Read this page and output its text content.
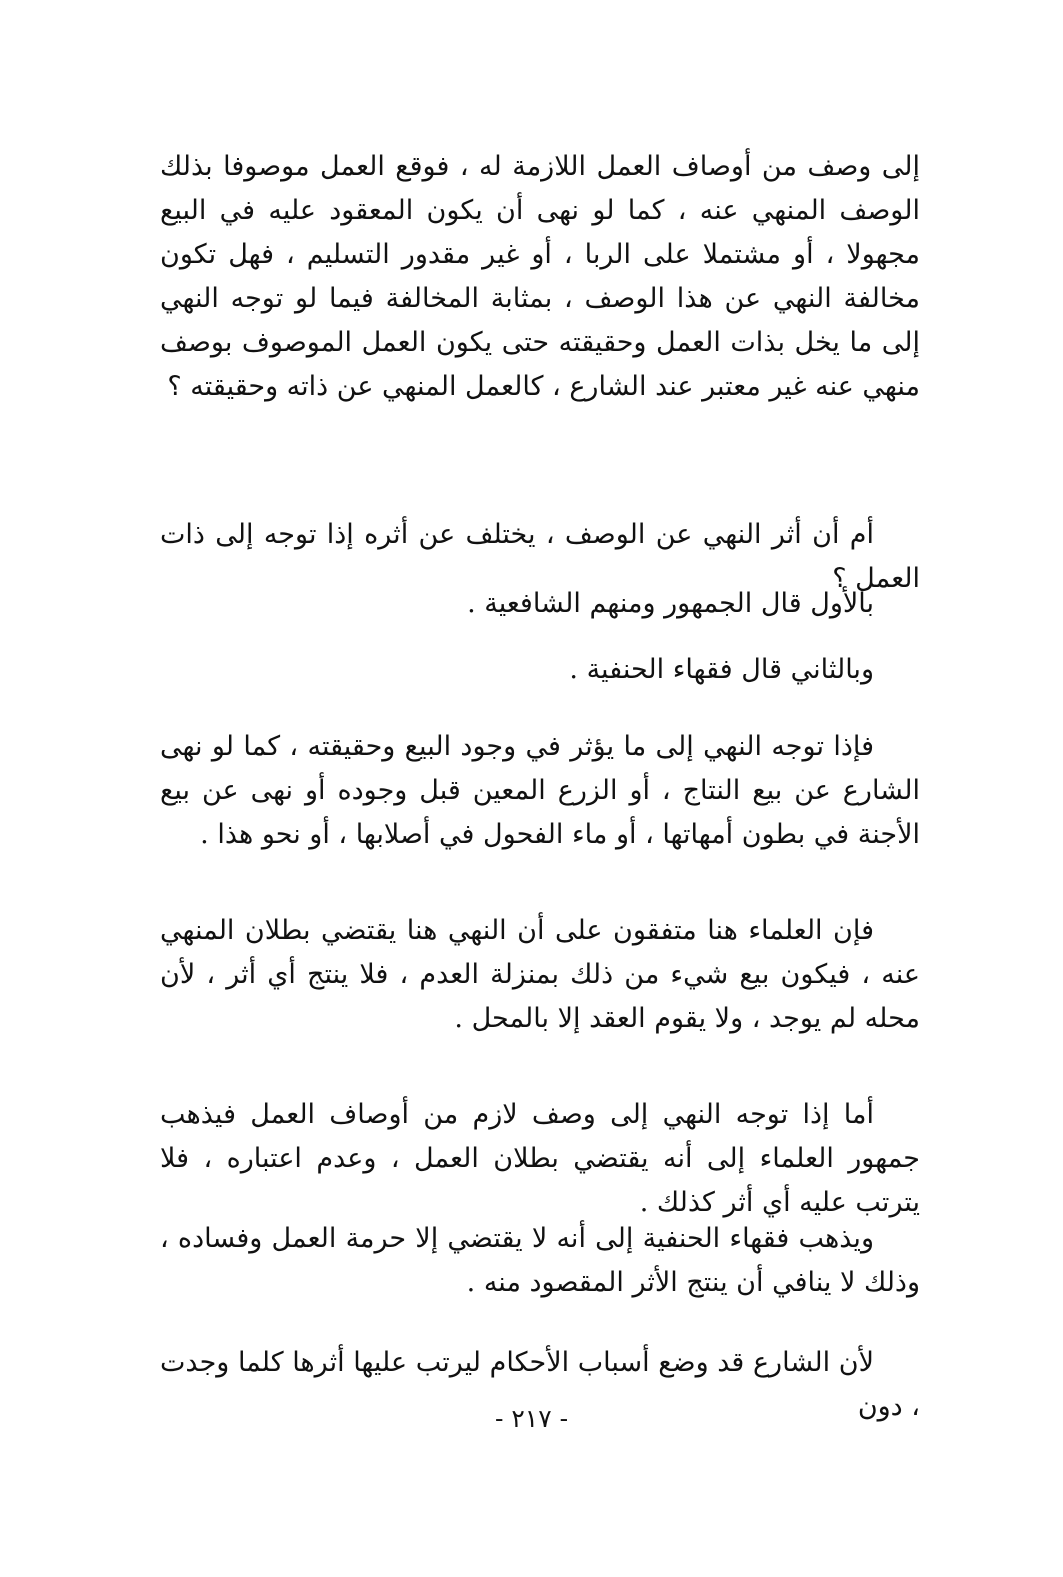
إلى وصف من أوصاف العمل اللازمة له ، فوقع العمل موصوفا بذلك الوصف المنهي عنه ، كما لو نهى أن يكون المعقود عليه في البيع مجهولا ، أو مشتملا على الربا ، أو غير مقدور التسليم ، فهل تكون مخالفة النهي عن هذا الوصف ، بمثابة المخالفة فيما لو توجه النهي إلى ما يخل بذات العمل وحقيقته حتى يكون العمل الموصوف بوصف منهي عنه غير معتبر عند الشارع ، كالعمل المنهي عن ذاته وحقيقته ؟

أم أن أثر النهي عن الوصف ، يختلف عن أثره إذا توجه إلى ذات العمل ؟

بالأول قال الجمهور ومنهم الشافعية .

وبالثاني قال فقهاء الحنفية .

فإذا توجه النهي إلى ما يؤثر في وجود البيع وحقيقته ، كما لو نهى الشارع عن بيع النتاج ، أو الزرع المعين قبل وجوده أو نهى عن بيع الأجنة في بطون أمهاتها ، أو ماء الفحول في أصلابها ، أو نحو هذا .

فإن العلماء هنا متفقون على أن النهي هنا يقتضي بطلان المنهي عنه ، فيكون بيع شيء من ذلك بمنزلة العدم ، فلا ينتج أي أثر ، لأن محله لم يوجد ، ولا يقوم العقد إلا بالمحل .

أما إذا توجه النهي إلى وصف لازم من أوصاف العمل فيذهب جمهور العلماء إلى أنه يقتضي بطلان العمل ، وعدم اعتباره ، فلا يترتب عليه أي أثر كذلك .

ويذهب فقهاء الحنفية إلى أنه لا يقتضي إلا حرمة العمل وفساده ، وذلك لا ينافي أن ينتج الأثر المقصود منه .

لأن الشارع قد وضع أسباب الأحكام ليرتب عليها أثرها كلما وجدت ، دون

- ٢١٧ -
